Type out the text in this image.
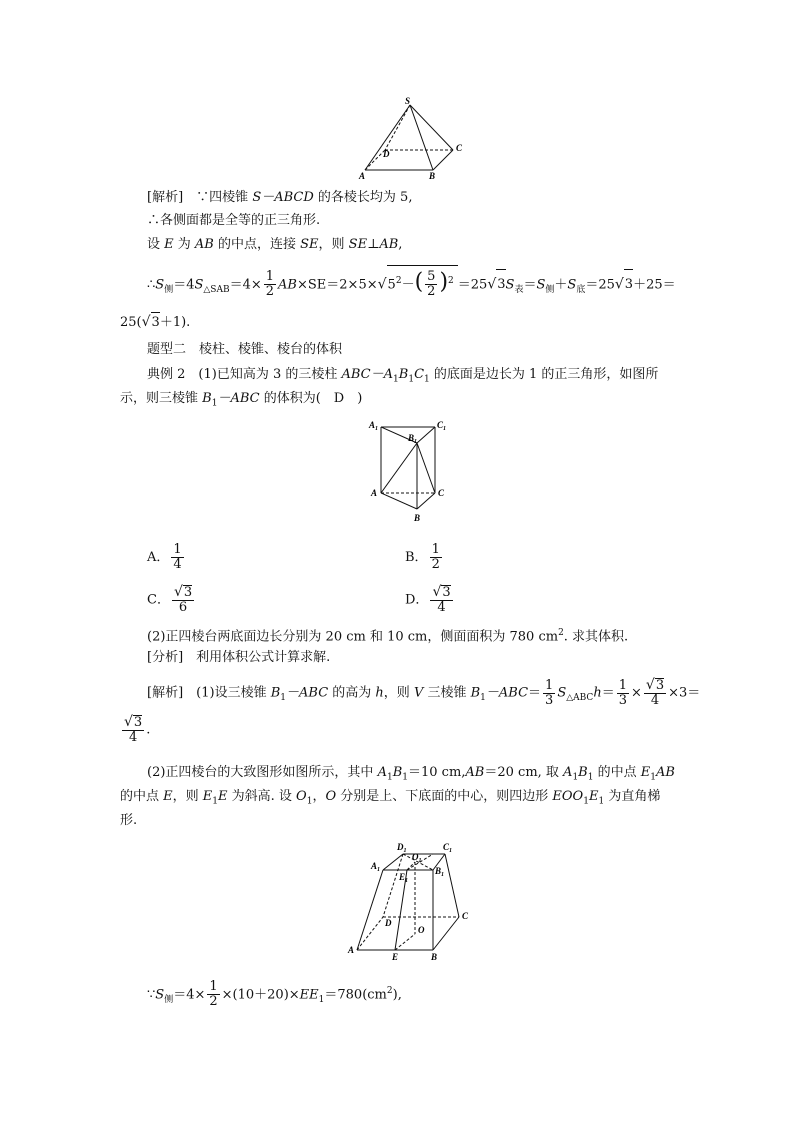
S
D
C
A	B
[解析]　 ∵四棱锥 S－ABCD 的各棱长均为 5,
∴各侧面都是全等的正三角形.
设 E 为 AB 的中点，连接 SE，则 SE⊥AB,
$\therefore S_侧=4S_{\triangle SAB}=4\times \frac{1}{2} AB\times SE=2\times 5\times√5^2-( \frac{5}{2} )^2 =25√3S_表=S_侧+S_底=25√3+25=$
25(√3＋1).
题型二　棱柱、棱锥、棱台的体积
典例 2　(1)已知高为 3 的三棱柱 $ABC-A_1B_1C_1$ 的底面是边长为 1 的正三角形，如图所
示，则三棱锥 $B_1-ABC$ 的体积为(　D　)
$A_1$
$B_1$
$C_1$
A	C
B
A． $\frac{1}{4}$	B． $\frac{1}{2}$
C． $\frac{√3}{6}$	D． $\frac{√3}{4}$
(2)正四棱台两底面边长分别为 20 cm 和 10 cm，侧面面积为 780 $cm^2$. 求其体积.
[分析]　利用体积公式计算求解.
[解析]　(1)设三棱锥 $B_1-ABC$ 的高为 h，则 V 三棱锥 $B_1-ABC= \frac{1}{3} S_{\triangle ABC}h= \frac{1}{3} \times \frac{√3}{4} \times 3=$
$\frac{√3}{4}$ .
(2)正四棱台的大致图形如图所示，其中 $A_1B_1=10$ cm,AB＝20 cm, 取 $A_1B_1$ 的中点 $E_1AB$
的中点 E，则 $E_1E$ 为斜高. 设 $O_1$，O 分别是上、下底面的中心，则四边形 $EOO_1E_1$ 为直角梯
形.
$D_1$	$C_1$
$O_1$
$A_1$
$E_1$
$B_1$
D
O
C
A
E	B
$\because S_侧=4\times \frac{1}{2} \times(10+20)\times EE_1=780(cm^2)$,
